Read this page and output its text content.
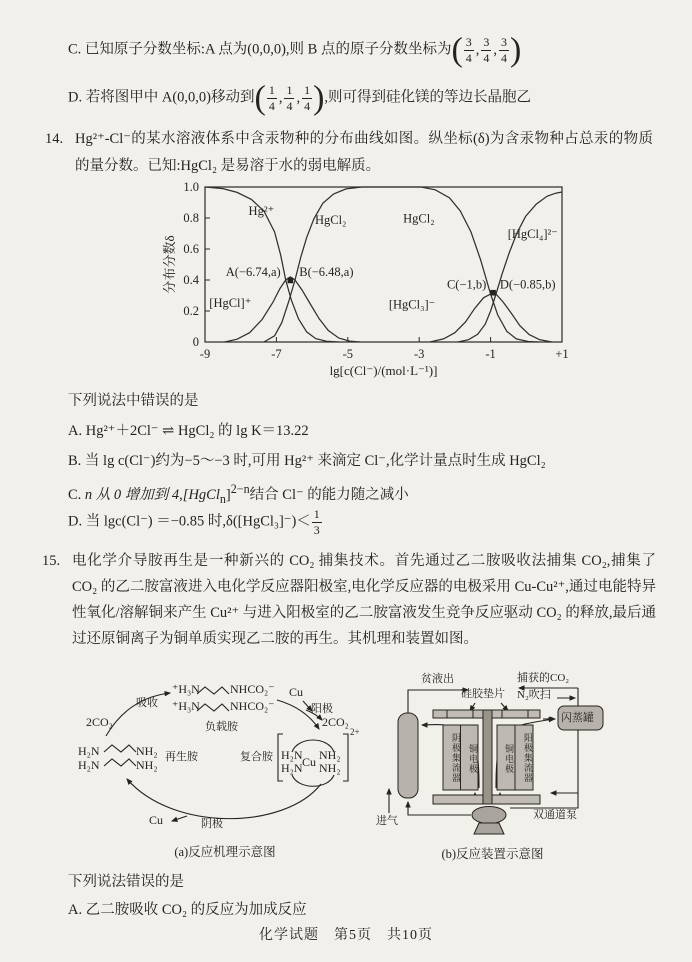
C. 已知原子分数坐标:A 点为(0,0,0),则 B 点的原子分数坐标为( $\frac{3}{4}$ , $\frac{3}{4}$ , $\frac{3}{4}$ )
D. 若将图甲中 A(0,0,0)移动到( $\frac{1}{4}$ , $\frac{1}{4}$ , $\frac{1}{4}$ ),则可得到硅化镁的等边长晶胞乙
14. Hg²⁺-Cl⁻的某水溶液体系中含汞物种的分布曲线如图。纵坐标(δ)为含汞物种占总汞的物质的量分数。已知:HgCl₂ 是易溶于水的弱电解质。
-9	-7	-5	-3	-1	+1
0
0.2
0.4
0.6
0.8
1.0
lg[c(Cl⁻)/(mol·L⁻¹)]
分布分数δ
Hg²⁺
HgCl₂	HgCl₂
[HgCl₄]²⁻
[HgCl]⁺	[HgCl₃]⁻
A(−6.74,a) B(−6.48,a)
C(−1,b) D(−0.85,b)
下列说法中错误的是
A. Hg²⁺＋2Cl⁻ ⇌ HgCl₂ 的 lg K＝13.22
B. 当 lg c(Cl⁻)约为−5～−3 时,可用 Hg²⁺ 来滴定 Cl⁻,化学计量点时生成 HgCl₂
C. n 从 0 增加到 4,[HgCl$_n$]$^{2-n}$结合 Cl⁻ 的能力随之减小
D. 当 lgc(Cl⁻) ＝−0.85 时,δ([HgCl₃]⁻)＜ $\frac{1}{3}$
15. 电化学介导胺再生是一种新兴的 CO₂ 捕集技术。首先通过乙二胺吸收法捕集 CO₂,捕集了 CO₂ 的乙二胺富液进入电化学反应器阳极室,电化学反应器的电极采用 Cu-Cu²⁺,通过电能特异性氧化/溶解铜来产生 Cu²⁺ 与进入阳极室的乙二胺富液发生竞争反应驱动 CO₂ 的释放,最后通过还原铜离子为铜单质实现乙二胺的再生。其机理和装置如图。
吸收
2CO₂
⁺H₃N	NHCO₂⁻
⁺H₃N	NHCO₂⁻
负载胺
Cu
阳极
2CO₂
复合胺 H₂N
H₂N
NH₂
NH₂
Cu
2+
再生胺
H₂N	NH₂
H₂N	NH₂
Cu	阴极
(a)反应机理示意图
贫液出
硅胶垫片
捕获的CO₂
N₂吹扫
闪蒸罐
进气	双通道泵
阴极集流器 铜电极	铜电极	阳极集流器
(b)反应装置示意图
下列说法错误的是
A. 乙二胺吸收 CO₂ 的反应为加成反应
化学试题　第5页　共10页
